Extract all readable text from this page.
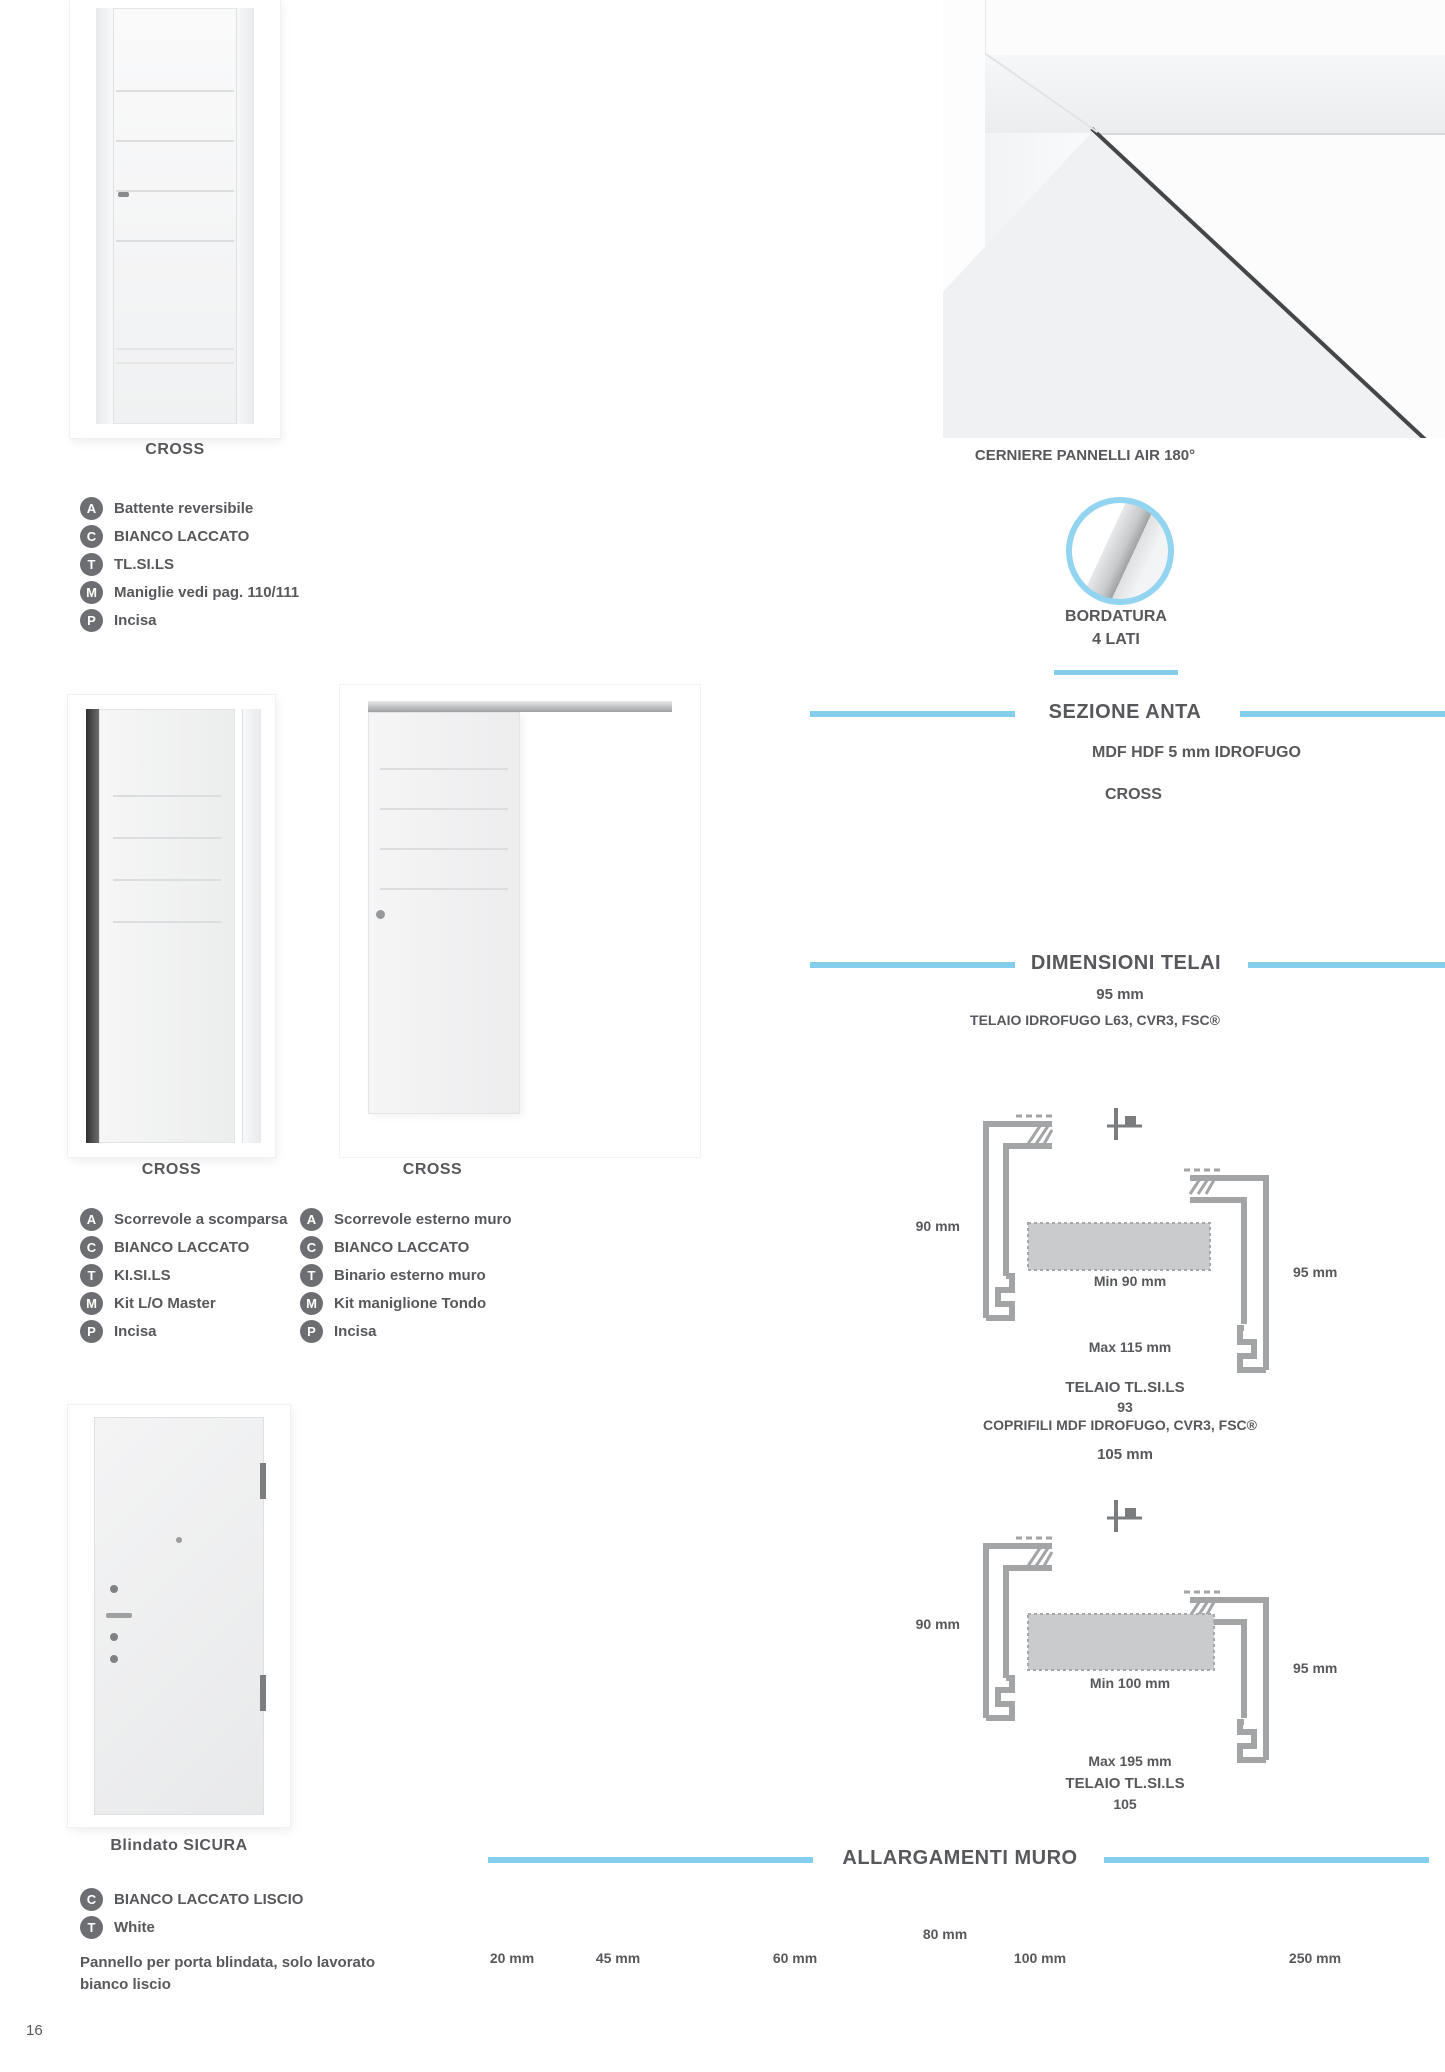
CROSS
A	Battente reversibile
C	BIANCO LACCATO
T	TL.SI.LS
M	Maniglie vedi pag. 110/111
P	Incisa
CERNIERE PANNELLI AIR 180°
BORDATURA
4 LATI
SEZIONE ANTA
MDF HDF 5 mm IDROFUGO
CROSS
CROSS	CROSS
A	Scorrevole a scomparsa
C	BIANCO LACCATO
T	KI.SI.LS
M	Kit L/O Master
P	Incisa
A	Scorrevole esterno muro
C	BIANCO LACCATO
T	Binario esterno muro
M	Kit maniglione Tondo
P	Incisa
DIMENSIONI TELAI
95 mm
TELAIO IDROFUGO L63, CVR3, FSC®
90 mm
95 mm
Min 90 mm
Max 115 mm
TELAIO TL.SI.LS
93
COPRIFILI MDF IDROFUGO, CVR3, FSC®
105 mm
90 mm
95 mm
Min 100 mm
Max 195 mm
TELAIO TL.SI.LS
105
Blindato SICURA
C	BIANCO LACCATO LISCIO
T	White
Pannello per porta blindata, solo lavorato
bianco liscio
ALLARGAMENTI MURO
20 mm	45 mm	60 mm
80 mm
100 mm	250 mm
16
